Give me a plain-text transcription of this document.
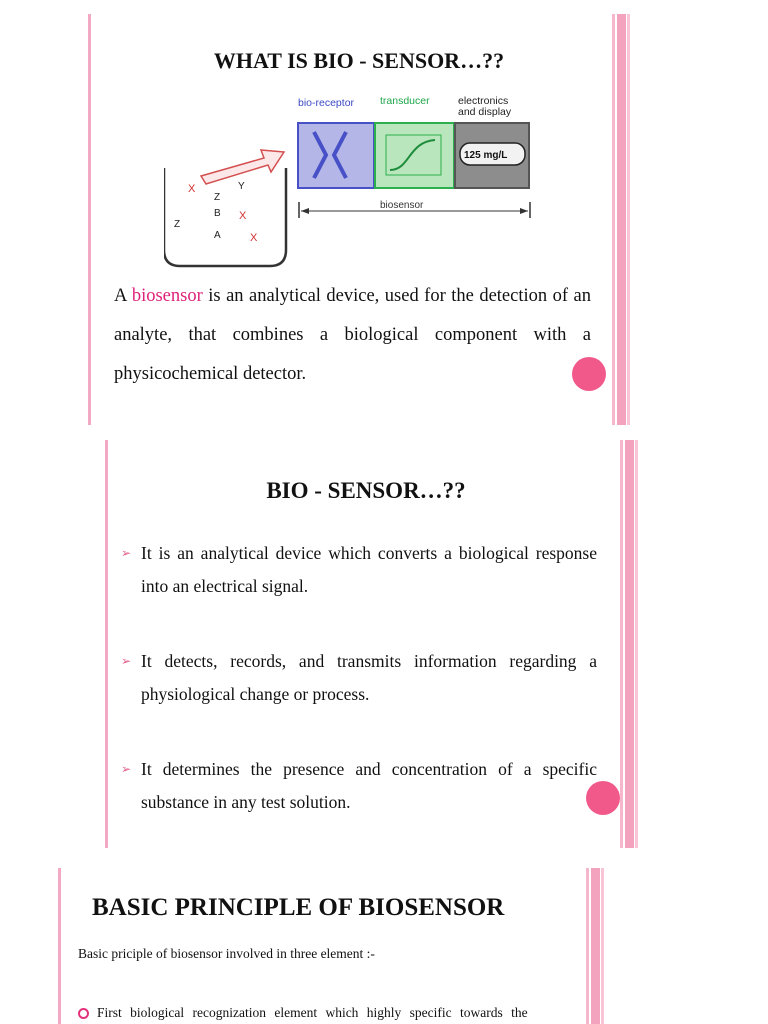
WHAT IS BIO - SENSOR…??
bio-receptor transducer	electronics
and display
125 mg/L
biosensor
X	Y
Z
B X
Z
A	X
A biosensor is an analytical device, used for the detection of an analyte, that combines a biological component with a physicochemical detector.
BIO - SENSOR…??
➢ It is an analytical device which converts a biological response into an electrical signal.
➢ It detects, records, and transmits information regarding a physiological change or process.
➢ It determines the presence and concentration of a specific substance in any test solution.
BASIC PRINCIPLE OF BIOSENSOR
Basic priciple of biosensor involved in three element :-
First biological recognization element which highly specific towards the
